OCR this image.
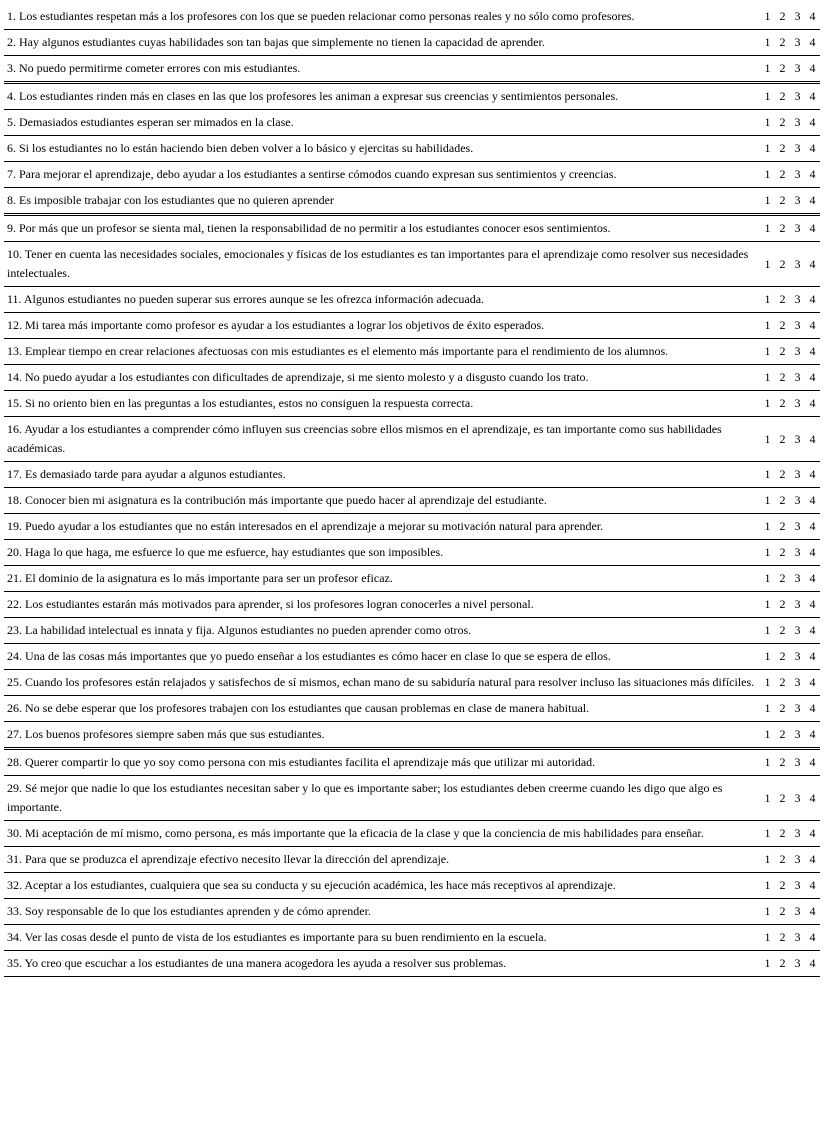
1. Los estudiantes respetan más a los profesores con los que se pueden relacionar como personas reales y no sólo como profesores.	1	2	3	4
2. Hay algunos estudiantes cuyas habilidades son tan bajas que simplemente no tienen la capacidad de aprender.	1	2	3	4
3. No puedo permitirme cometer errores con mis estudiantes.	1	2	3	4
4. Los estudiantes rinden más en clases en las que los profesores les animan a expresar sus creencias y sentimientos personales.	1	2	3	4
5. Demasiados estudiantes esperan ser mimados en la clase.	1	2	3	4
6. Si los estudiantes no lo están haciendo bien deben volver a lo básico y ejercitas su habilidades.	1	2	3	4
7. Para mejorar el aprendizaje, debo ayudar a los estudiantes a sentirse cómodos cuando expresan sus sentimientos y creencias.	1	2	3	4
8. Es imposible trabajar con los estudiantes que no quieren aprender	1	2	3	4
9. Por más que un profesor se sienta mal, tienen la responsabilidad de no permitir a los estudiantes conocer esos sentimientos.	1	2	3	4
10. Tener en cuenta las necesidades sociales, emocionales y físicas de los estudiantes es tan importantes para el aprendizaje como resolver sus necesidades intelectuales.	1	2	3	4
11. Algunos estudiantes no pueden superar sus errores aunque se les ofrezca información adecuada.	1	2	3	4
12. Mi tarea más importante como profesor es ayudar a los estudiantes a lograr los objetivos de éxito esperados.	1	2	3	4
13. Emplear tiempo en crear relaciones afectuosas con mis estudiantes es el elemento más importante para el rendimiento de los alumnos.	1	2	3	4
14. No puedo ayudar a los estudiantes con dificultades de aprendizaje, si me siento molesto y a disgusto cuando los trato.	1	2	3	4
15. Si no oriento bien en las preguntas a los estudiantes, estos no consiguen la respuesta correcta.	1	2	3	4
16. Ayudar a los estudiantes a comprender cómo influyen sus creencias sobre ellos mismos en el aprendizaje, es tan importante como sus habilidades académicas.	1	2	3	4
17. Es demasiado tarde para ayudar a algunos estudiantes.	1	2	3	4
18. Conocer bien mi asignatura es la contribución más importante que puedo hacer al aprendizaje del estudiante.	1	2	3	4
19. Puedo ayudar a los estudiantes que no están interesados en el aprendizaje a mejorar su motivación natural para aprender.	1	2	3	4
20. Haga lo que haga, me esfuerce lo que me esfuerce, hay estudiantes que son imposibles.	1	2	3	4
21. El dominio de la asignatura es lo más importante para ser un profesor eficaz.	1	2	3	4
22. Los estudiantes estarán más motivados para aprender, si los profesores logran conocerles a nivel personal.	1	2	3	4
23. La habilidad intelectual es innata y fija. Algunos estudiantes no pueden aprender como otros.	1	2	3	4
24. Una de las cosas más importantes que yo puedo enseñar a los estudiantes es cómo hacer en clase lo que se espera de ellos.	1	2	3	4
25. Cuando los profesores están relajados y satisfechos de sí mismos, echan mano de su sabiduría natural para resolver incluso las situaciones más difíciles.	1	2	3	4
26. No se debe esperar que los profesores trabajen con los estudiantes que causan problemas en clase de manera habitual.	1	2	3	4
27. Los buenos profesores siempre saben más que sus estudiantes.	1	2	3	4
28. Querer compartir lo que yo soy como persona con mis estudiantes facilita el aprendizaje más que utilizar mi autoridad.	1	2	3	4
29. Sé mejor que nadie lo que los estudiantes necesitan saber y lo que es importante saber; los estudiantes deben creerme cuando les digo que algo es importante.	1	2	3	4
30. Mi aceptación de mí mismo, como persona, es más importante que la eficacia de la clase y que la conciencia de mis habilidades para enseñar.	1	2	3	4
31. Para que se produzca el aprendizaje efectivo necesito llevar la dirección del aprendizaje.	1	2	3	4
32. Aceptar a los estudiantes, cualquiera que sea su conducta y su ejecución académica, les hace más receptivos al aprendizaje.	1	2	3	4
33. Soy responsable de lo que los estudiantes aprenden y de cómo aprender.	1	2	3	4
34. Ver las cosas desde el punto de vista de los estudiantes es importante para su buen rendimiento en la escuela.	1	2	3	4
35. Yo creo que escuchar a los estudiantes de una manera acogedora les ayuda a resolver sus problemas.	1	2	3	4
